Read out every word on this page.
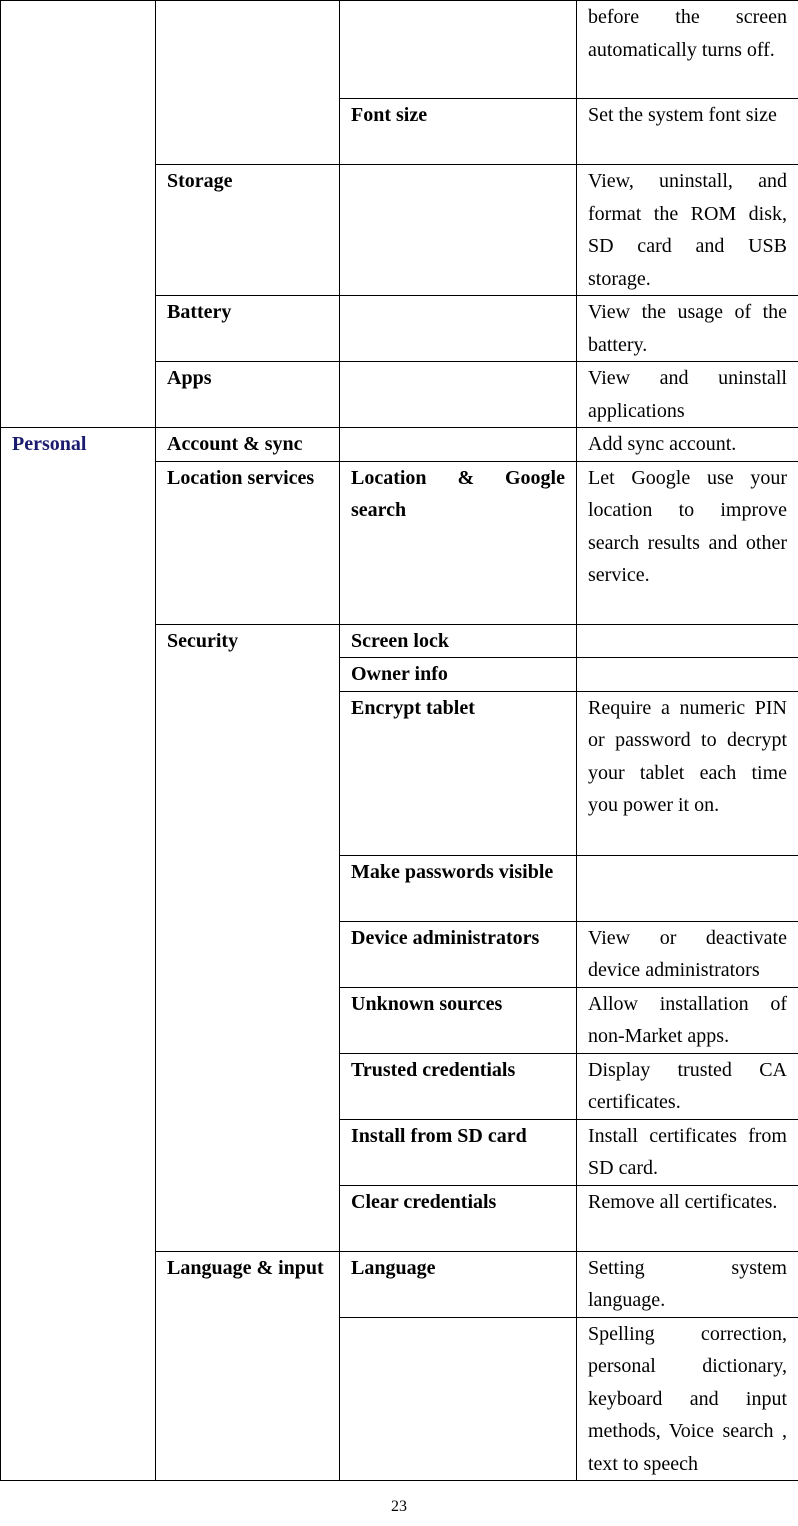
			before the screen automatically turns off.
		Font size	Set the system font size
	Storage		View, uninstall, and format the ROM disk, SD card and USB storage.
	Battery		View the usage of the battery.
	Apps		View and uninstall applications
Personal	Account & sync		Add sync account.
	Location services	Location & Google search	Let Google use your location to improve search results and other service.
	Security	Screen lock	
		Owner info	
		Encrypt tablet	Require a numeric PIN or password to decrypt your tablet each time you power it on.
		Make passwords visible	
		Device administrators	View or deactivate device administrators
		Unknown sources	Allow installation of non-Market apps.
		Trusted credentials	Display trusted CA certificates.
		Install from SD card	Install certificates from SD card.
		Clear credentials	Remove all certificates.
	Language & input	Language	Setting system language.
			Spelling correction, personal dictionary, keyboard and input methods, Voice search , text to speech
23
